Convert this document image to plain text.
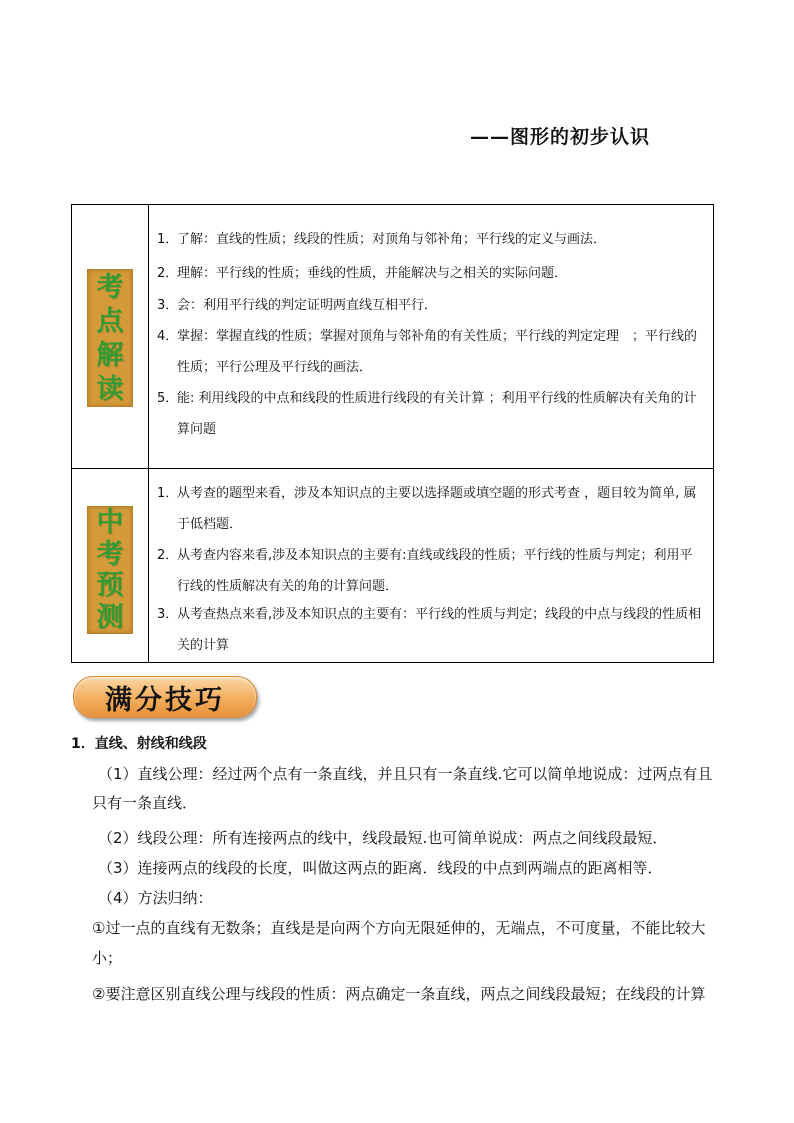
——图形的初步认识
考
点
解
读
1．
了解：直线的性质；线段的性质；对顶角与邻补角；平行线的定义与画法．
2．
理解：平行线的性质；垂线的性质，并能解决与之相关的实际问题．
3．
会：利用平行线的判定证明两直线互相平行．
4．
掌握：掌握直线的性质；掌握对顶角与邻补角的有关性质；平行线的判定定理　；平行线的性质；平行公理及平行线的画法．
5．
能: 利用线段的中点和线段的性质进行线段的有关计算 ；利用平行线的性质解决有关角的计算问题
中
考
预
测
1．
从考查的题型来看，涉及本知识点的主要以选择题或填空题的形式考查 ，题目较为简单, 属于低档题．
2．
从考查内容来看,涉及本知识点的主要有:直线或线段的性质；平行线的性质与判定；利用平行线的性质解决有关的角的计算问题．
3．
从考查热点来看,涉及本知识点的主要有：平行线的性质与判定；线段的中点与线段的性质相关的计算
满分技巧
1．直线、射线和线段
（1）直线公理：经过两个点有一条直线，并且只有一条直线.它可以简单地说成：过两点有且
只有一条直线．
（2）线段公理：所有连接两点的线中，线段最短.也可简单说成：两点之间线段最短．
（3）连接两点的线段的长度，叫做这两点的距离．线段的中点到两端点的距离相等．
（4）方法归纳：
①过一点的直线有无数条；直线是是向两个方向无限延伸的，无端点，不可度量，不能比较大
小；
②要注意区别直线公理与线段的性质：两点确定一条直线，两点之间线段最短；在线段的计算
